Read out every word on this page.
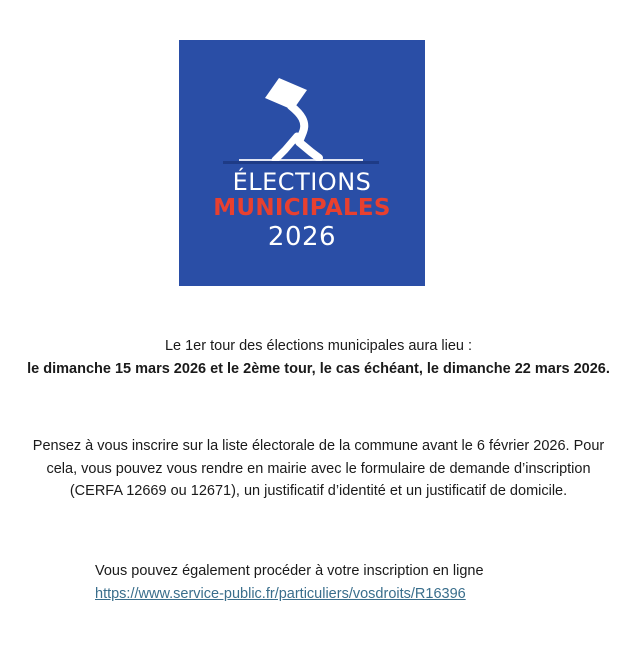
ÉLECTIONS
MUNICIPALES
2026
Le 1er tour des élections municipales aura lieu :
le dimanche 15 mars 2026 et le 2ème tour, le cas échéant, le dimanche 22 mars 2026.
Pensez à vous inscrire sur la liste électorale de la commune avant le 6 février 2026. Pour cela, vous pouvez vous rendre en mairie avec le formulaire de demande d’inscription (CERFA 12669 ou 12671), un justificatif d’identité et un justificatif de domicile.
Vous pouvez également procéder à votre inscription en ligne
https://www.service-public.fr/particuliers/vosdroits/R16396
